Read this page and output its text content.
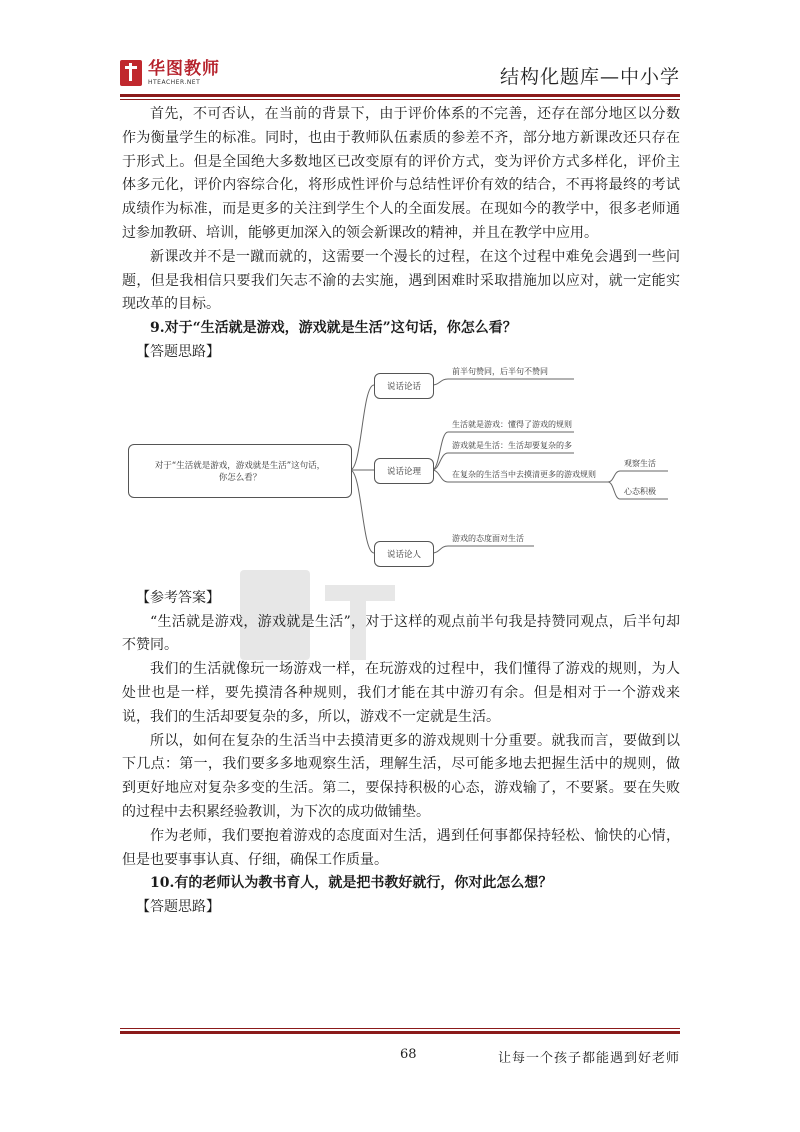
华图教师
HTEACHER.NET	结构化题库—中小学

首先，不可否认，在当前的背景下，由于评价体系的不完善，还存在部分地区以分数作为衡量学生的标准。同时，也由于教师队伍素质的参差不齐，部分地方新课改还只存在于形式上。但是全国绝大多数地区已改变原有的评价方式，变为评价方式多样化，评价主体多元化，评价内容综合化，将形成性评价与总结性评价有效的结合，不再将最终的考试成绩作为标准，而是更多的关注到学生个人的全面发展。在现如今的教学中，很多老师通过参加教研、培训，能够更加深入的领会新课改的精神，并且在教学中应用。

新课改并不是一蹴而就的，这需要一个漫长的过程，在这个过程中难免会遇到一些问题，但是我相信只要我们矢志不渝的去实施，遇到困难时采取措施加以应对，就一定能实现改革的目标。

9.对于“生活就是游戏，游戏就是生活”这句话，你怎么看？

【答题思路】

对于“生活就是游戏，游戏就是生活”这句话，你怎么看？
说话论话
说话论理
说话论人
前半句赞同，后半句不赞同
生活就是游戏：懂得了游戏的规则
游戏就是生活：生活却要复杂的多
在复杂的生活当中去摸清更多的游戏规则
观察生活
心态积极
游戏的态度面对生活

【参考答案】

“生活就是游戏，游戏就是生活”，对于这样的观点前半句我是持赞同观点，后半句却不赞同。

我们的生活就像玩一场游戏一样，在玩游戏的过程中，我们懂得了游戏的规则，为人处世也是一样，要先摸清各种规则，我们才能在其中游刃有余。但是相对于一个游戏来说，我们的生活却要复杂的多，所以，游戏不一定就是生活。

所以，如何在复杂的生活当中去摸清更多的游戏规则十分重要。就我而言，要做到以下几点：第一，我们要多多地观察生活，理解生活，尽可能多地去把握生活中的规则，做到更好地应对复杂多变的生活。第二，要保持积极的心态，游戏输了，不要紧。要在失败的过程中去积累经验教训，为下次的成功做铺垫。

作为老师，我们要抱着游戏的态度面对生活，遇到任何事都保持轻松、愉快的心情，但是也要事事认真、仔细，确保工作质量。

10.有的老师认为教书育人，就是把书教好就行，你对此怎么想？

【答题思路】

68	让每一个孩子都能遇到好老师
